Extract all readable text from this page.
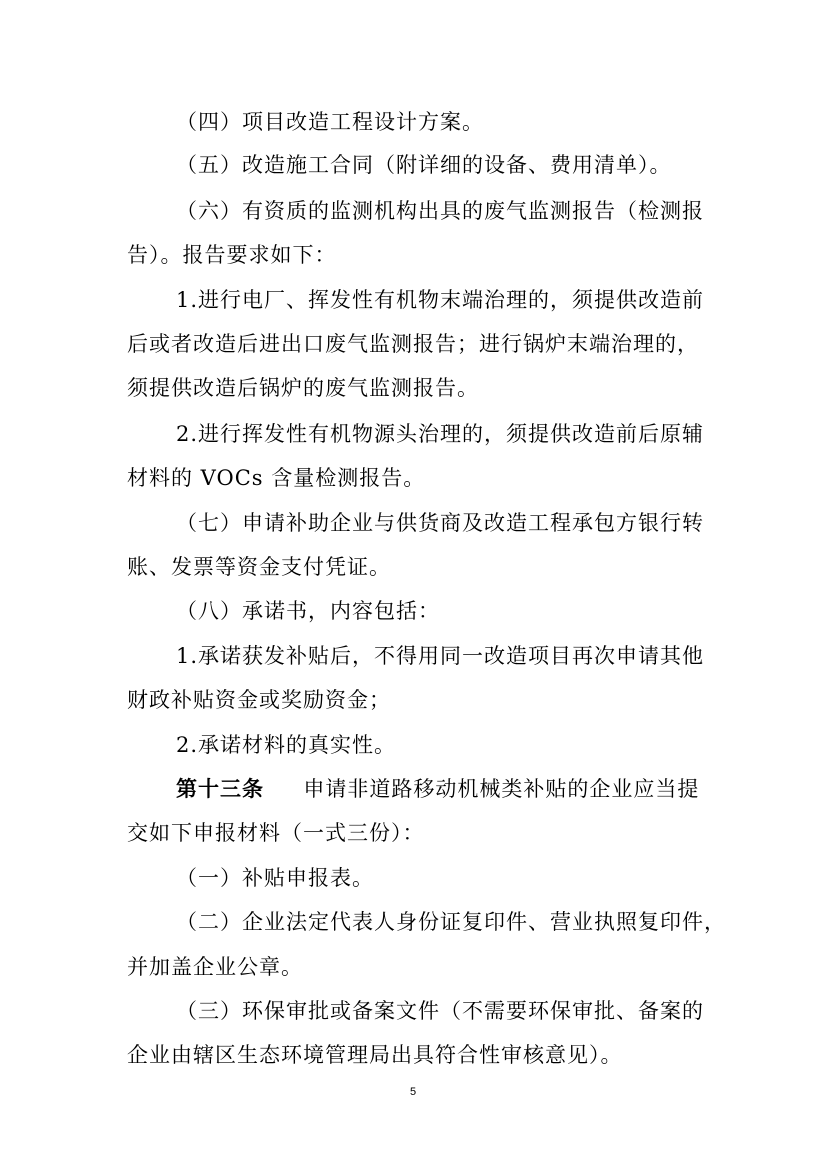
（四）项目改造工程设计方案。
（五）改造施工合同（附详细的设备、费用清单）。
（六）有资质的监测机构出具的废气监测报告（检测报
告）。报告要求如下：
1.进行电厂、挥发性有机物末端治理的，须提供改造前
后或者改造后进出口废气监测报告；进行锅炉末端治理的，
须提供改造后锅炉的废气监测报告。
2.进行挥发性有机物源头治理的，须提供改造前后原辅
材料的 VOCs 含量检测报告。
（七）申请补助企业与供货商及改造工程承包方银行转
账、发票等资金支付凭证。
（八）承诺书，内容包括：
1.承诺获发补贴后，不得用同一改造项目再次申请其他
财政补贴资金或奖励资金；
2.承诺材料的真实性。
第十三条 申请非道路移动机械类补贴的企业应当提
交如下申报材料（一式三份）：
（一）补贴申报表。
（二）企业法定代表人身份证复印件、营业执照复印件，
并加盖企业公章。
（三）环保审批或备案文件（不需要环保审批、备案的
企业由辖区生态环境管理局出具符合性审核意见）。
5
